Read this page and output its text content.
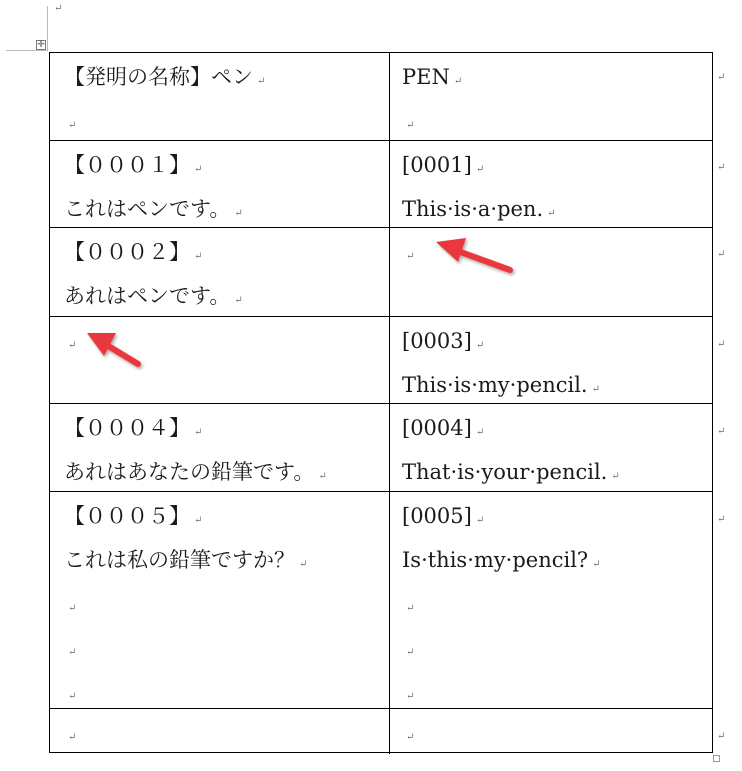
↵
✛
【発明の名称】ペン ↵
↵
PEN ↵
↵
【０００１】 ↵
これはペンです。 ↵
[0001] ↵
This·is·a·pen. ↵
【０００２】 ↵
あれはペンです。 ↵
↵
↵	[0003] ↵
This·is·my·pencil. ↵
【０００４】 ↵
あれはあなたの鉛筆です。 ↵
[0004] ↵
That·is·your·pencil. ↵
【０００５】 ↵
これは私の鉛筆ですか？ ↵
↵
↵
↵
[0005] ↵
Is·this·my·pencil? ↵
↵
↵
↵
↵	↵
↵
↵
↵
↵
↵
↵
↵
